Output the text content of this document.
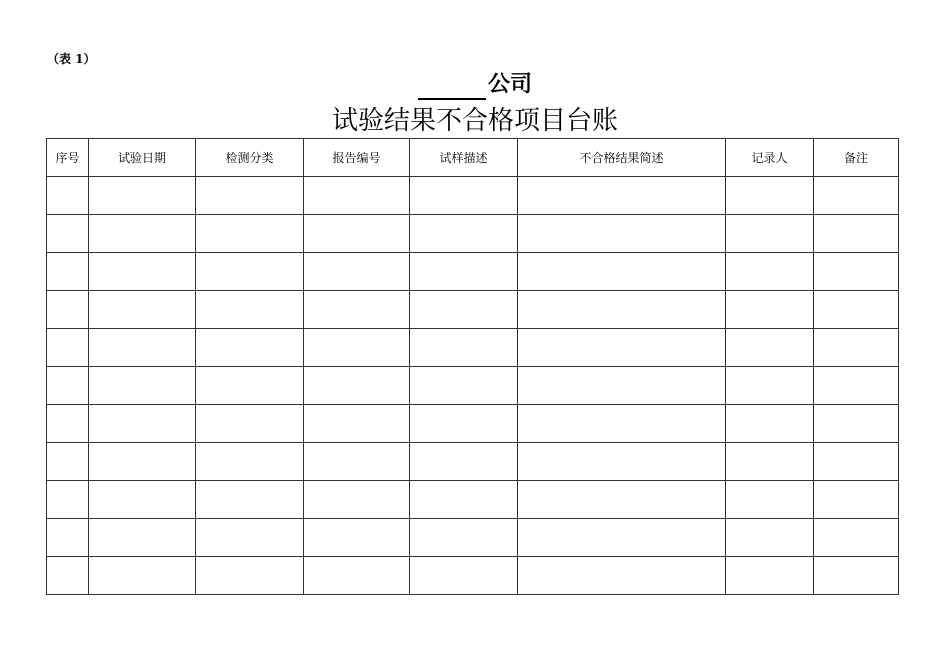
（表 1）
公司
试验结果不合格项目台账
序号	试验日期	检测分类	报告编号	试样描述	不合格结果简述	记录人	备注
